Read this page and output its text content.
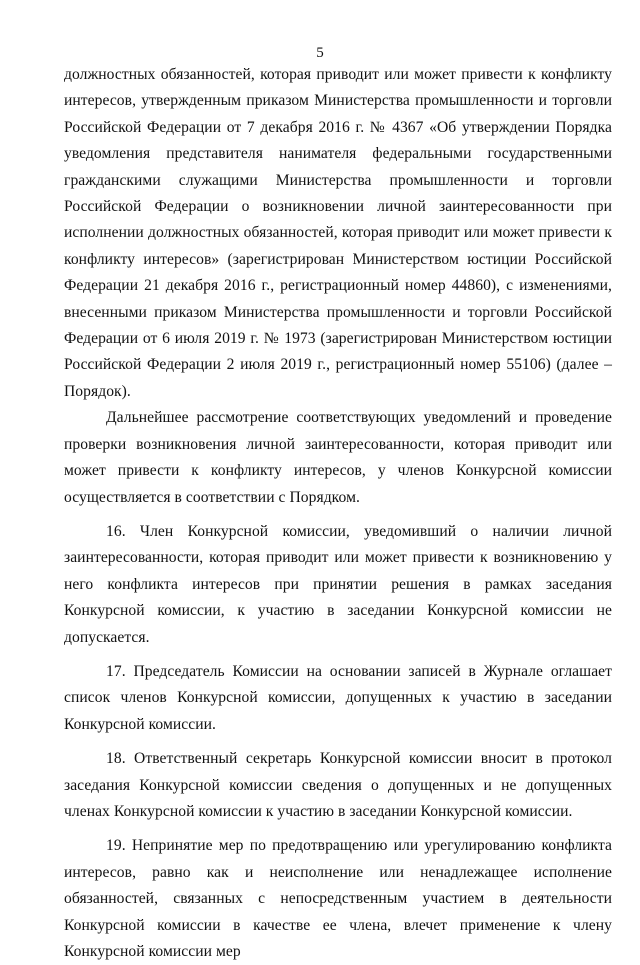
5

должностных обязанностей, которая приводит или может привести к конфликту интересов, утвержденным приказом Министерства промышленности и торговли Российской Федерации от 7 декабря 2016 г. № 4367 «Об утверждении Порядка уведомления представителя нанимателя федеральными государственными гражданскими служащими Министерства промышленности и торговли Российской Федерации о возникновении личной заинтересованности при исполнении должностных обязанностей, которая приводит или может привести к конфликту интересов» (зарегистрирован Министерством юстиции Российской Федерации 21 декабря 2016 г., регистрационный номер 44860), с изменениями, внесенными приказом Министерства промышленности и торговли Российской Федерации от 6 июля 2019 г. № 1973 (зарегистрирован Министерством юстиции Российской Федерации 2 июля 2019 г., регистрационный номер 55106) (далее – Порядок).

Дальнейшее рассмотрение соответствующих уведомлений и проведение проверки возникновения личной заинтересованности, которая приводит или может привести к конфликту интересов, у членов Конкурсной комиссии осуществляется в соответствии с Порядком.

16. Член Конкурсной комиссии, уведомивший о наличии личной заинтересованности, которая приводит или может привести к возникновению у него конфликта интересов при принятии решения в рамках заседания Конкурсной комиссии, к участию в заседании Конкурсной комиссии не допускается.

17. Председатель Комиссии на основании записей в Журнале оглашает список членов Конкурсной комиссии, допущенных к участию в заседании Конкурсной комиссии.

18. Ответственный секретарь Конкурсной комиссии вносит в протокол заседания Конкурсной комиссии сведения о допущенных и не допущенных членах Конкурсной комиссии к участию в заседании Конкурсной комиссии.

19. Непринятие мер по предотвращению или урегулированию конфликта интересов, равно как и неисполнение или ненадлежащее исполнение обязанностей, связанных с непосредственным участием в деятельности Конкурсной комиссии в качестве ее члена, влечет применение к члену Конкурсной комиссии мер
